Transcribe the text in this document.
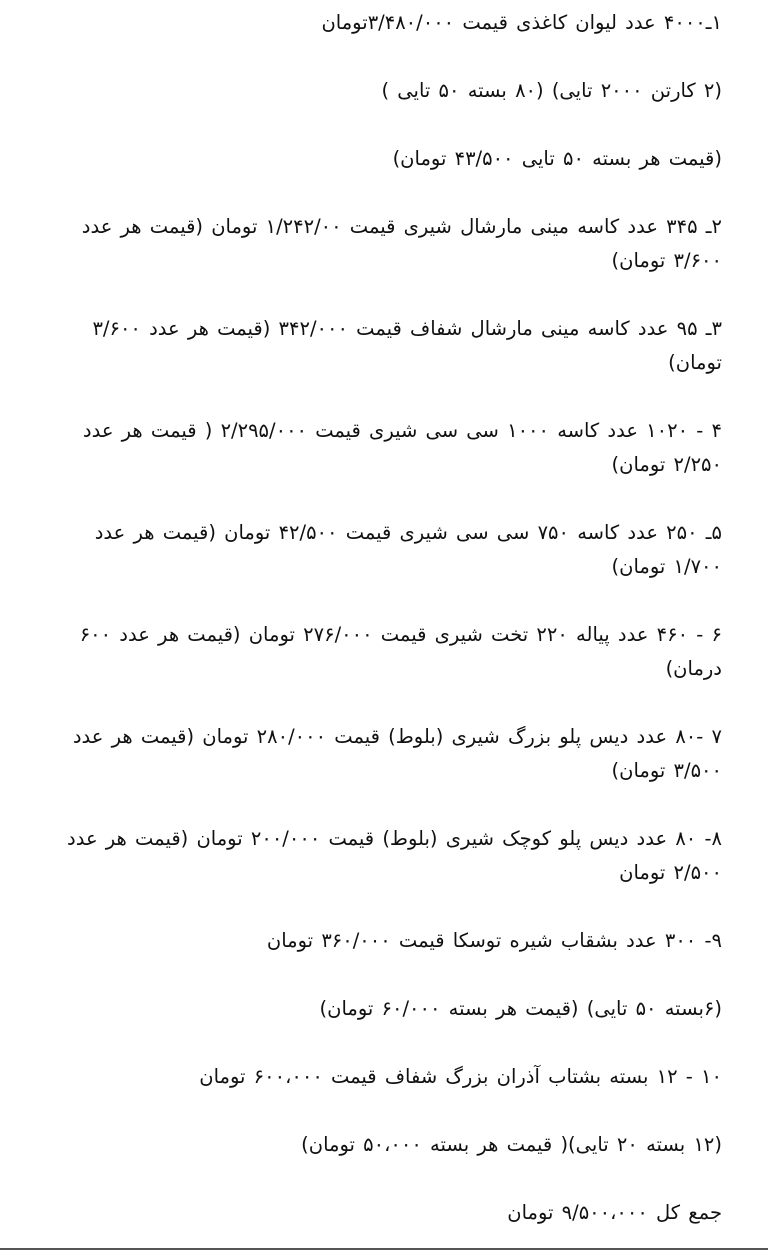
۱ـ۴۰۰۰ عدد لیوان کاغذی قیمت ۳/۴۸۰/۰۰۰تومان

(۲ کارتن ۲۰۰۰ تایی) (۸۰ بسته ۵۰ تایی )

(قیمت هر بسته ۵۰ تایی ۴۳/۵۰۰ تومان)

۲ـ ۳۴۵ عدد کاسه مینی مارشال شیری قیمت ۱/۲۴۲/۰۰ تومان (قیمت هر عدد ۳/۶۰۰ تومان)

۳ـ ۹۵ عدد کاسه مینی مارشال شفاف قیمت ۳۴۲/۰۰۰ (قیمت هر عدد ۳/۶۰۰ تومان)

۴ - ۱۰۲۰ عدد کاسه ۱۰۰۰ سی سی شیری قیمت ۲/۲۹۵/۰۰۰ ( قیمت هر عدد ۲/۲۵۰ تومان)

۵ـ ۲۵۰ عدد کاسه ۷۵۰ سی سی شیری قیمت ۴۲/۵۰۰ تومان (قیمت هر عدد ۱/۷۰۰ تومان)

۶ - ۴۶۰ عدد پیاله ۲۲۰ تخت شیری قیمت ۲۷۶/۰۰۰ تومان (قیمت هر عدد ۶۰۰ درمان)

۷ -۸۰ عدد دیس پلو بزرگ شیری (بلوط) قیمت ۲۸۰/۰۰۰ تومان (قیمت هر عدد ۳/۵۰۰ تومان)

۸- ۸۰ عدد دیس پلو کوچک شیری (بلوط) قیمت ۲۰۰/۰۰۰ تومان (قیمت هر عدد ۲/۵۰۰ تومان

۹- ۳۰۰ عدد بشقاب شیره توسکا قیمت ۳۶۰/۰۰۰ تومان

(۶بسته ۵۰ تایی) (قیمت هر بسته ۶۰/۰۰۰ تومان)

۱۰ - ۱۲ بسته بشتاب آذران بزرگ شفاف قیمت ۶۰۰،۰۰۰ تومان

(۱۲ بسته ۲۰ تایی)( قیمت هر بسته ۵۰،۰۰۰ تومان)

جمع کل ۹/۵۰۰،۰۰۰ تومان
